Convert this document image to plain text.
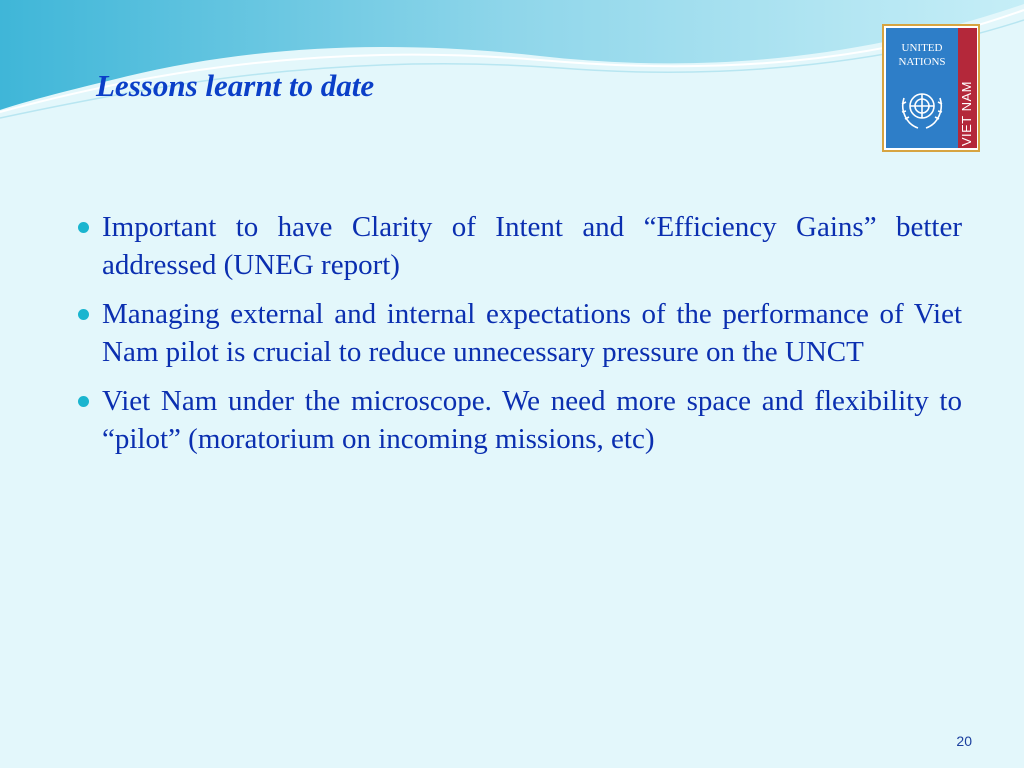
Lessons learnt to date
UNITED
NATIONS
VIET NAM
Important to have Clarity of Intent and “Efficiency Gains” better addressed (UNEG report)
Managing external and internal expectations of the performance of Viet Nam pilot is crucial to reduce unnecessary pressure on the UNCT
Viet Nam under the microscope. We need more space and flexibility to “pilot” (moratorium on incoming missions, etc)
20
